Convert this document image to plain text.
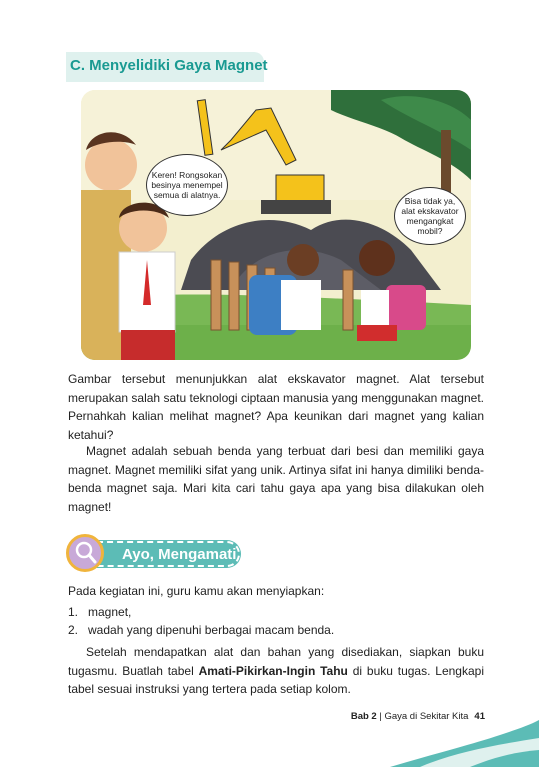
C. Menyelidiki Gaya Magnet
Keren! Rongsokan besinya menempel semua di alatnya.
Bisa tidak ya, alat ekskavator mengangkat mobil?

Gambar tersebut menunjukkan alat ekskavator magnet. Alat tersebut merupakan salah satu teknologi ciptaan manusia yang menggunakan magnet. Pernahkah kalian melihat magnet? Apa keunikan dari magnet yang kalian ketahui?

Magnet adalah sebuah benda yang terbuat dari besi dan memiliki gaya magnet. Magnet memiliki sifat yang unik. Artinya sifat ini hanya dimiliki benda-benda magnet saja. Mari kita cari tahu gaya apa yang bisa dilakukan oleh magnet!

Ayo, Mengamati

Pada kegiatan ini, guru kamu akan menyiapkan:

1. magnet,
2. wadah yang dipenuhi berbagai macam benda.

Setelah mendapatkan alat dan bahan yang disediakan, siapkan buku tugasmu. Buatlah tabel Amati-Pikirkan-Ingin Tahu di buku tugas. Lengkapi tabel sesuai instruksi yang tertera pada setiap kolom.

Bab 2 | Gaya di Sekitar Kita 41
